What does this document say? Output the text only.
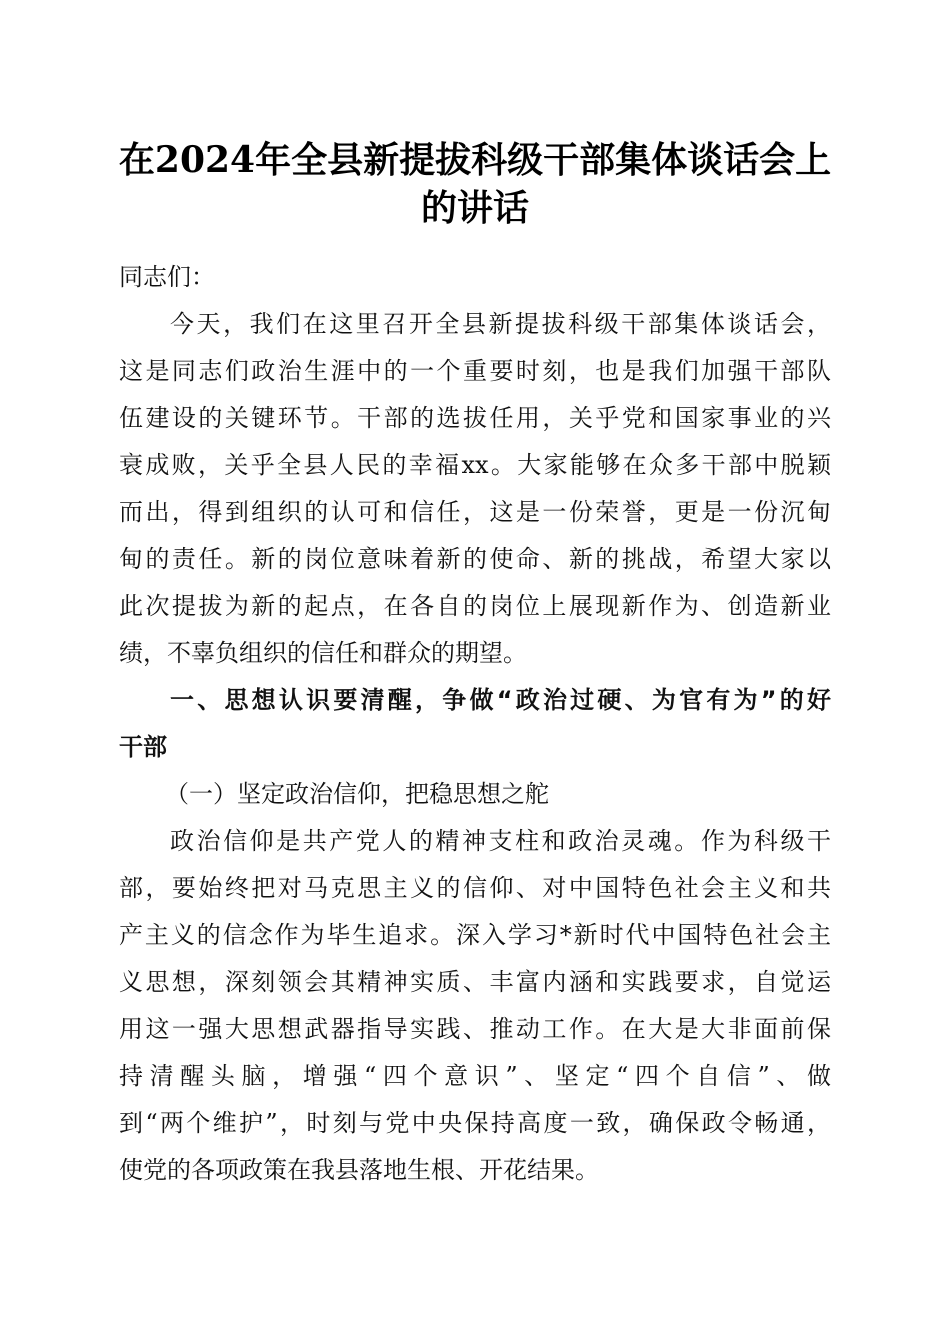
在2024年全县新提拔科级干部集体谈话会上
的讲话
同志们：
今天，我们在这里召开全县新提拔科级干部集体谈话会，
这是同志们政治生涯中的一个重要时刻，也是我们加强干部队
伍建设的关键环节。干部的选拔任用，关乎党和国家事业的兴
衰成败，关乎全县人民的幸福xx。大家能够在众多干部中脱颖
而出，得到组织的认可和信任，这是一份荣誉，更是一份沉甸
甸的责任。新的岗位意味着新的使命、新的挑战，希望大家以
此次提拔为新的起点，在各自的岗位上展现新作为、创造新业
绩，不辜负组织的信任和群众的期望。
一、思想认识要清醒，争做“政治过硬、为官有为”的好
干部
（一）坚定政治信仰，把稳思想之舵
政治信仰是共产党人的精神支柱和政治灵魂。作为科级干
部，要始终把对马克思主义的信仰、对中国特色社会主义和共
产主义的信念作为毕生追求。深入学习*新时代中国特色社会主
义思想，深刻领会其精神实质、丰富内涵和实践要求，自觉运
用这一强大思想武器指导实践、推动工作。在大是大非面前保
持清醒头脑，增强“四个意识”、坚定“四个自信”、做
到“两个维护”，时刻与党中央保持高度一致，确保政令畅通，
使党的各项政策在我县落地生根、开花结果。
